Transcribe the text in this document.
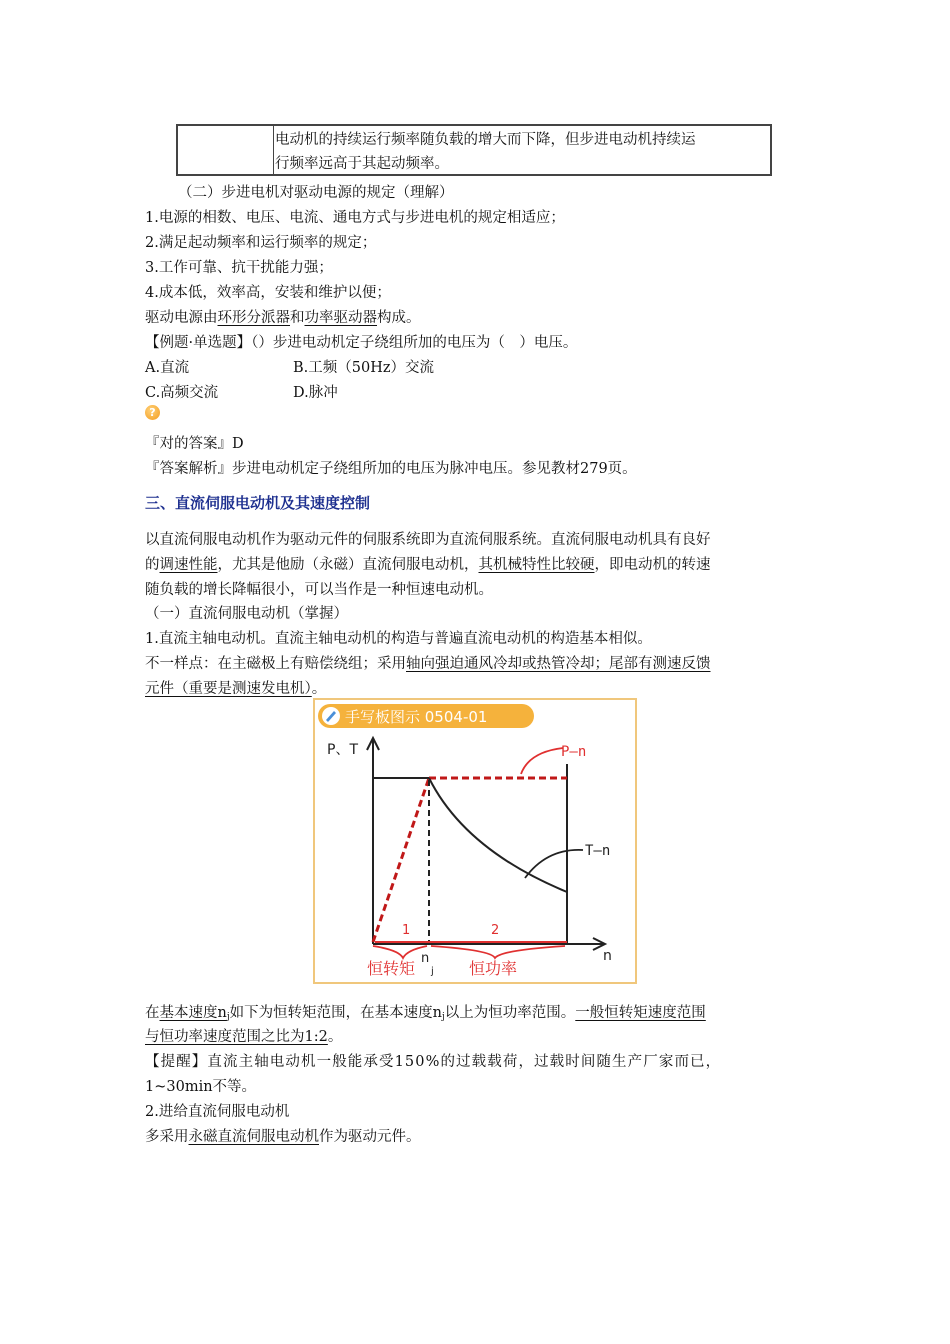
电动机的持续运行频率随负载的增大而下降，但步进电动机持续运
行频率远高于其起动频率。
（二）步进电机对驱动电源的规定（理解）
1.电源的相数、电压、电流、通电方式与步进电机的规定相适应；
2.满足起动频率和运行频率的规定；
3.工作可靠、抗干扰能力强；
4.成本低，效率高，安装和维护以便；
驱动电源由环形分派器和功率驱动器构成。
【例题·单选题】（）步进电动机定子绕组所加的电压为（　）电压。
A.直流	B.工频（50Hz）交流
C.高频交流	D.脉冲
?
『对的答案』D
『答案解析』步进电动机定子绕组所加的电压为脉冲电压。参见教材279页。
三、直流伺服电动机及其速度控制
以直流伺服电动机作为驱动元件的伺服系统即为直流伺服系统。直流伺服电动机具有良好
的调速性能，尤其是他励（永磁）直流伺服电动机，其机械特性比较硬，即电动机的转速
随负载的增长降幅很小，可以当作是一种恒速电动机。
（一）直流伺服电动机（掌握）
1.直流主轴电动机。直流主轴电动机的构造与普遍直流电动机的构造基本相似。
不一样点：在主磁极上有赔偿绕组；采用轴向强迫通风冷却或热管冷却；尾部有测速反馈
元件（重要是测速发电机）。
手写板图示 0504-01
P、T
n
P—n
T—n
1	2
n
j
恒转矩	恒功率
在基本速度$n_j$如下为恒转矩范围，在基本速度$n_j$以上为恒功率范围。一般恒转矩速度范围
与恒功率速度范围之比为1:2。
【提醒】直流主轴电动机一般能承受150%的过载载荷，过载时间随生产厂家而已，
1~30min不等。
2.进给直流伺服电动机
多采用永磁直流伺服电动机作为驱动元件。
